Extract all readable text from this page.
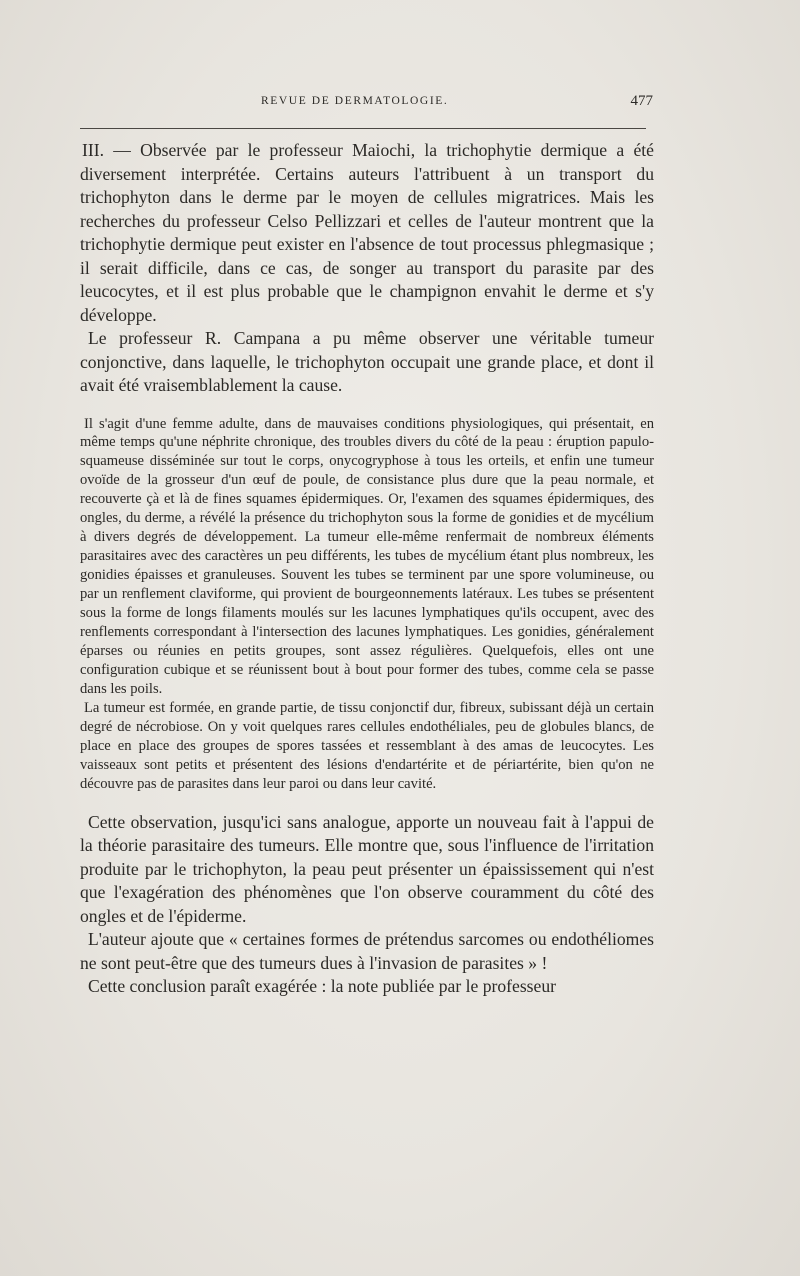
REVUE DE DERMATOLOGIE.	477

III. — Observée par le professeur Maiochi, la trichophytie dermique a été diversement interprétée. Certains auteurs l'attribuent à un transport du trichophyton dans le derme par le moyen de cellules migratrices. Mais les recherches du professeur Celso Pellizzari et celles de l'auteur montrent que la trichophytie dermique peut exister en l'absence de tout processus phlegmasique ; il serait difficile, dans ce cas, de songer au transport du parasite par des leucocytes, et il est plus probable que le champignon envahit le derme et s'y développe.

Le professeur R. Campana a pu même observer une véritable tumeur conjonctive, dans laquelle, le trichophyton occupait une grande place, et dont il avait été vraisemblablement la cause.

Il s'agit d'une femme adulte, dans de mauvaises conditions physiologiques, qui présentait, en même temps qu'une néphrite chronique, des troubles divers du côté de la peau : éruption papulo-squameuse disséminée sur tout le corps, onycogryphose à tous les orteils, et enfin une tumeur ovoïde de la grosseur d'un œuf de poule, de consistance plus dure que la peau normale, et recouverte çà et là de fines squames épidermiques. Or, l'examen des squames épidermiques, des ongles, du derme, a révélé la présence du trichophyton sous la forme de gonidies et de mycélium à divers degrés de développement. La tumeur elle-même renfermait de nombreux éléments parasitaires avec des caractères un peu différents, les tubes de mycélium étant plus nombreux, les gonidies épaisses et granuleuses. Souvent les tubes se terminent par une spore volumineuse, ou par un renflement claviforme, qui provient de bourgeonnements latéraux. Les tubes se présentent sous la forme de longs filaments moulés sur les lacunes lymphatiques qu'ils occupent, avec des renflements correspondant à l'intersection des lacunes lymphatiques. Les gonidies, généralement éparses ou réunies en petits groupes, sont assez régulières. Quelquefois, elles ont une configuration cubique et se réunissent bout à bout pour former des tubes, comme cela se passe dans les poils.

La tumeur est formée, en grande partie, de tissu conjonctif dur, fibreux, subissant déjà un certain degré de nécrobiose. On y voit quelques rares cellules endothéliales, peu de globules blancs, de place en place des groupes de spores tassées et ressemblant à des amas de leucocytes. Les vaisseaux sont petits et présentent des lésions d'endartérite et de périartérite, bien qu'on ne découvre pas de parasites dans leur paroi ou dans leur cavité.

Cette observation, jusqu'ici sans analogue, apporte un nouveau fait à l'appui de la théorie parasitaire des tumeurs. Elle montre que, sous l'influence de l'irritation produite par le trichophyton, la peau peut présenter un épaississement qui n'est que l'exagération des phénomènes que l'on observe couramment du côté des ongles et de l'épiderme.

L'auteur ajoute que « certaines formes de prétendus sarcomes ou endothéliomes ne sont peut-être que des tumeurs dues à l'invasion de parasites » !

Cette conclusion paraît exagérée : la note publiée par le professeur
